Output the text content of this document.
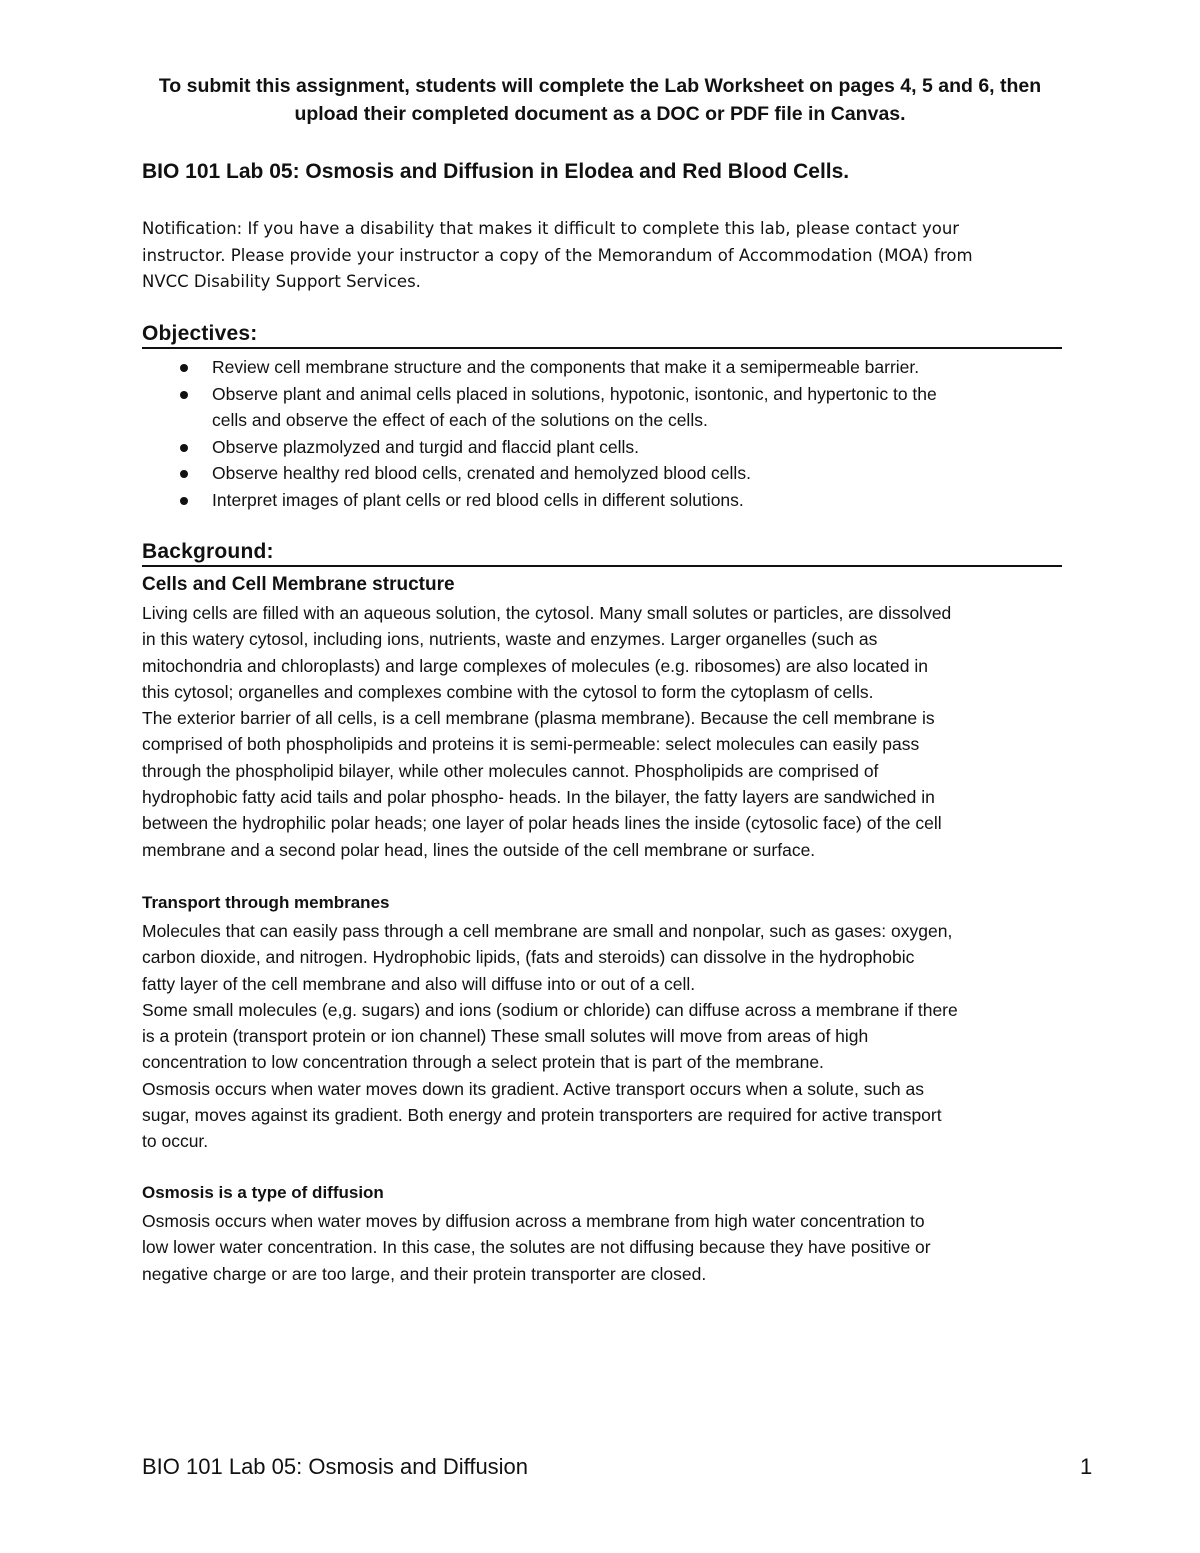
To submit this assignment, students will complete the Lab Worksheet on pages 4, 5 and 6, then
upload their completed document as a DOC or PDF file in Canvas.
BIO 101 Lab 05: Osmosis and Diffusion in Elodea and Red Blood Cells.
Notification: If you have a disability that makes it difficult to complete this lab, please contact your
instructor. Please provide your instructor a copy of the Memorandum of Accommodation (MOA) from
NVCC Disability Support Services.
Objectives:
Review cell membrane structure and the components that make it a semipermeable barrier.
Observe plant and animal cells placed in solutions, hypotonic, isontonic, and hypertonic to the
cells and observe the effect of each of the solutions on the cells.
Observe plazmolyzed and turgid and flaccid plant cells.
Observe healthy red blood cells, crenated and hemolyzed blood cells.
Interpret images of plant cells or red blood cells in different solutions.
Background:
Cells and Cell Membrane structure
Living cells are filled with an aqueous solution, the cytosol. Many small solutes or particles, are dissolved
in this watery cytosol, including ions, nutrients, waste and enzymes. Larger organelles (such as
mitochondria and chloroplasts) and large complexes of molecules (e.g. ribosomes) are also located in
this cytosol; organelles and complexes combine with the cytosol to form the cytoplasm of cells.
The exterior barrier of all cells, is a cell membrane (plasma membrane). Because the cell membrane is
comprised of both phospholipids and proteins it is semi-permeable: select molecules can easily pass
through the phospholipid bilayer, while other molecules cannot. Phospholipids are comprised of
hydrophobic fatty acid tails and polar phospho- heads. In the bilayer, the fatty layers are sandwiched in
between the hydrophilic polar heads; one layer of polar heads lines the inside (cytosolic face) of the cell
membrane and a second polar head, lines the outside of the cell membrane or surface.
Transport through membranes
Molecules that can easily pass through a cell membrane are small and nonpolar, such as gases: oxygen,
carbon dioxide, and nitrogen. Hydrophobic lipids, (fats and steroids) can dissolve in the hydrophobic
fatty layer of the cell membrane and also will diffuse into or out of a cell.
Some small molecules (e,g. sugars) and ions (sodium or chloride) can diffuse across a membrane if there
is a protein (transport protein or ion channel) These small solutes will move from areas of high
concentration to low concentration through a select protein that is part of the membrane.
Osmosis occurs when water moves down its gradient. Active transport occurs when a solute, such as
sugar, moves against its gradient. Both energy and protein transporters are required for active transport
to occur.
Osmosis is a type of diffusion
Osmosis occurs when water moves by diffusion across a membrane from high water concentration to
low lower water concentration. In this case, the solutes are not diffusing because they have positive or
negative charge or are too large, and their protein transporter are closed.
BIO 101 Lab 05: Osmosis and Diffusion	1
